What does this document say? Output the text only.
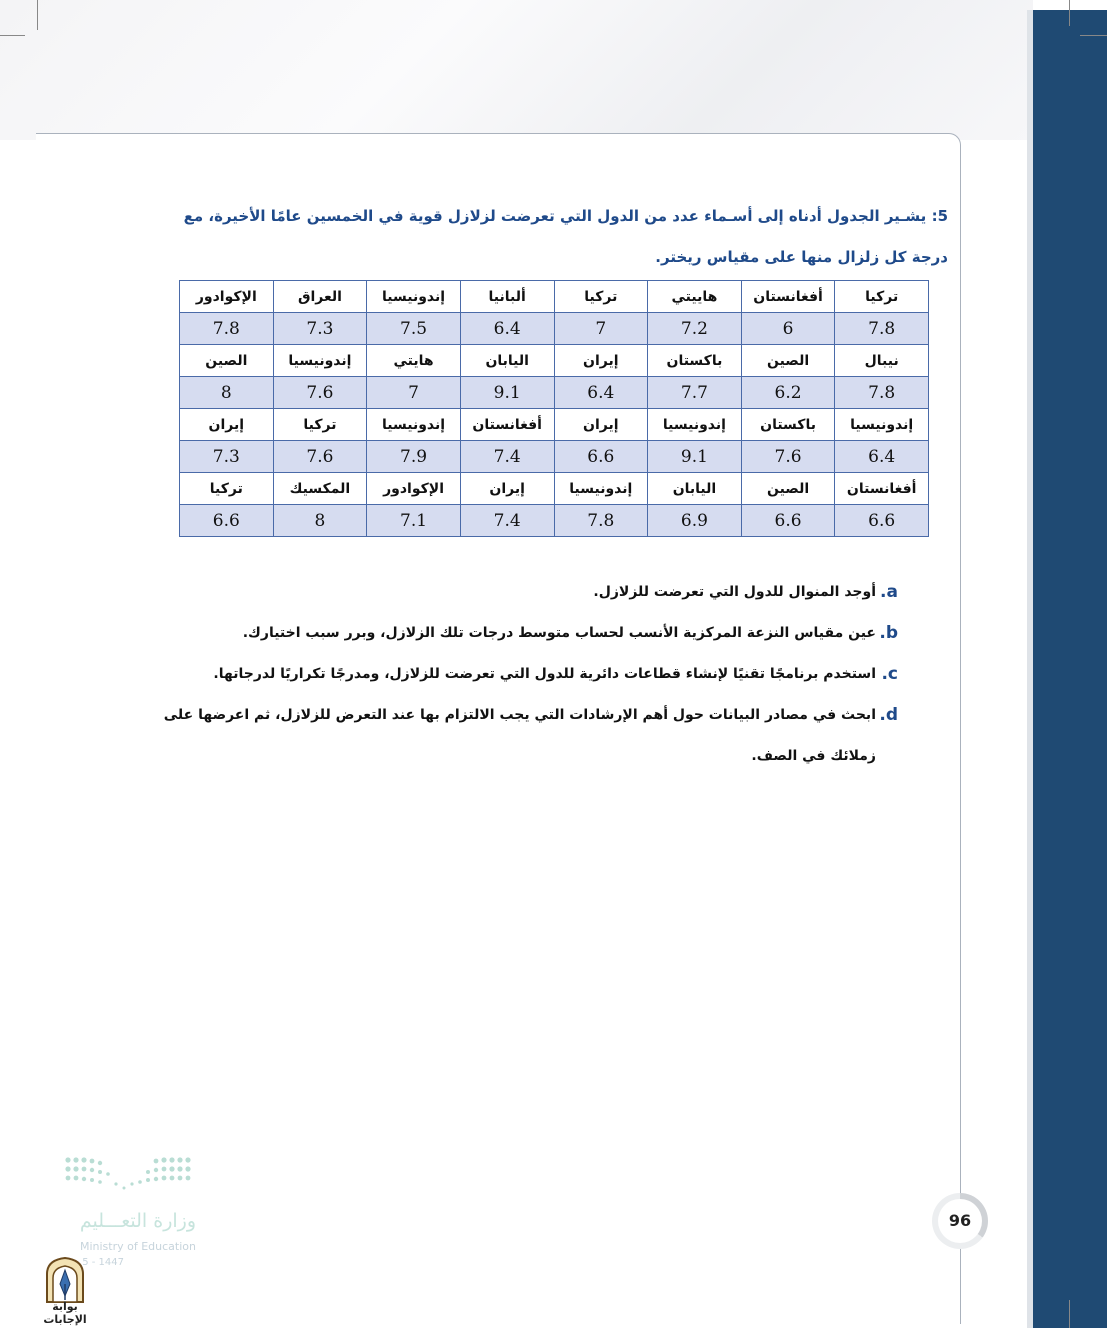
5: يشـير الجدول أدناه إلى أسـماء عدد من الدول التي تعرضت لزلازل قوية في الخمسين عامًا الأخيرة، مع درجة كل زلزال منها على مقياس ريختر.
تركيا	أفغانستان	هاييتي	تركيا	ألبانيا	إندونيسيا	العراق	الإكوادور
7.8	6	7.2	7	6.4	7.5	7.3	7.8
نيبال	الصين	باكستان	إيران	اليابان	هايتي	إندونيسيا	الصين
7.8	6.2	7.7	6.4	9.1	7	7.6	8
إندونيسيا	باكستان	إندونيسيا	إيران	أفغانستان	إندونيسيا	تركيا	إيران
6.4	7.6	9.1	6.6	7.4	7.9	7.6	7.3
أفغانستان	الصين	اليابان	إندونيسيا	إيران	الإكوادور	المكسيك	تركيا
6.6	6.6	6.9	7.8	7.4	7.1	8	6.6
a.
أوجد المنوال للدول التي تعرضت للزلازل.
b.
عين مقياس النزعة المركزية الأنسب لحساب متوسط درجات تلك الزلازل، وبرر سبب اختيارك.
c.
استخدم برنامجًا تقنيًا لإنشاء قطاعات دائرية للدول التي تعرضت للزلازل، ومدرجًا تكراريًا لدرجاتها.
d.
ابحث في مصادر البيانات حول أهم الإرشادات التي يجب الالتزام بها عند التعرض للزلازل، ثم اعرضها على زملائك في الصف.
وزارة التعـــليم
Ministry of Education
5 - 1447
بوابة الإجابات
96
